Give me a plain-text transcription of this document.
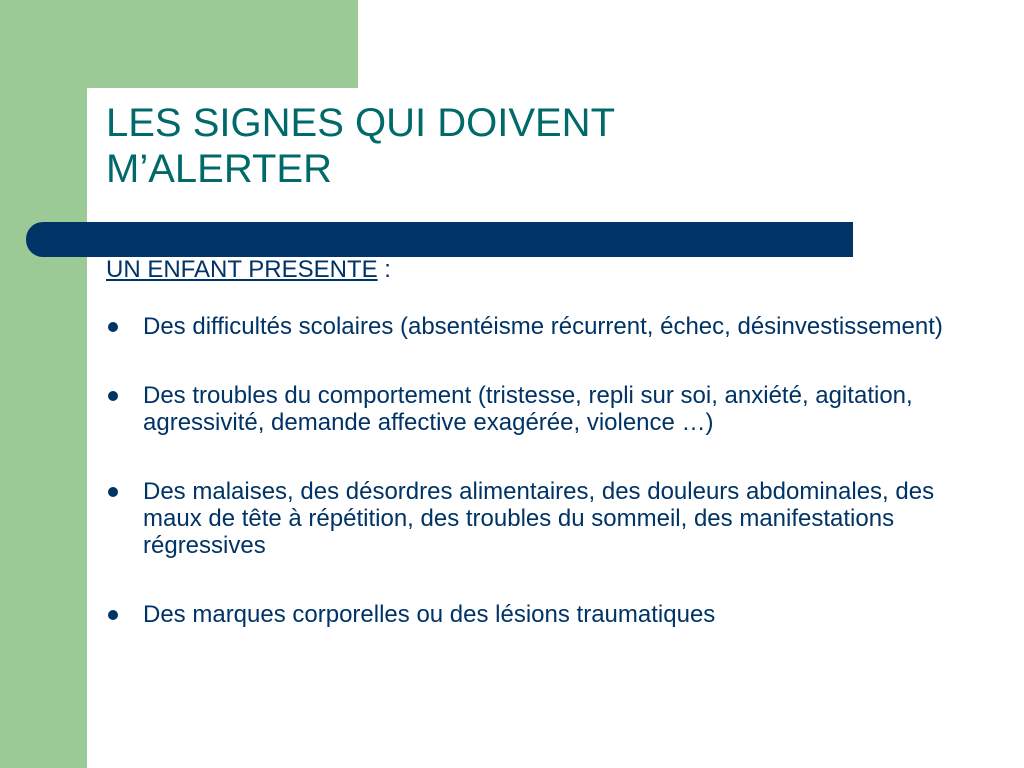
LES SIGNES QUI DOIVENT
M’ALERTER

UN ENFANT PRESENTE :

Des difficultés scolaires (absentéisme récurrent, échec, désinvestissement)
Des troubles du comportement (tristesse, repli sur soi, anxiété, agitation, agressivité, demande affective exagérée, violence …)
Des malaises, des désordres alimentaires, des douleurs abdominales, des maux de tête à répétition, des troubles du sommeil, des manifestations régressives
Des marques corporelles ou des lésions traumatiques
